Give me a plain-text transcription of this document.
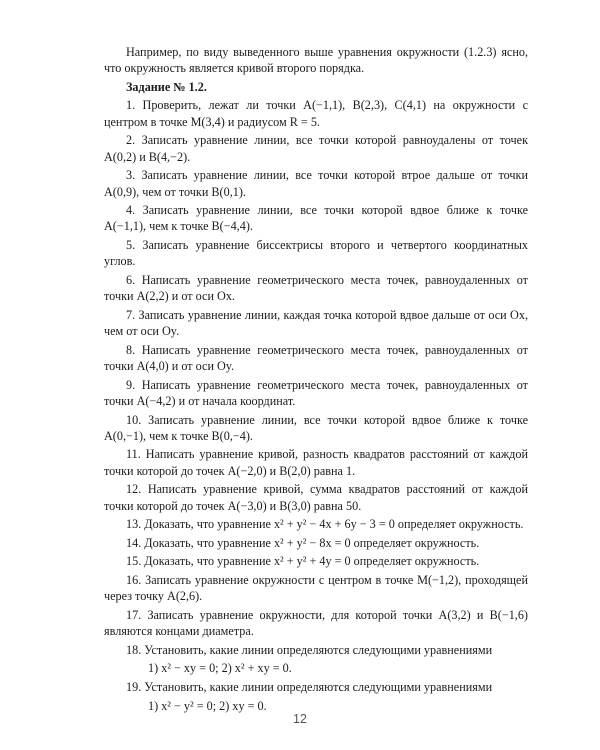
Например, по виду выведенного выше уравнения окружности (1.2.3) ясно, что окружность является кривой второго порядка.

Задание № 1.2.

1. Проверить, лежат ли точки A(−1,1), B(2,3), C(4,1) на окружности с центром в точке M(3,4) и радиусом R = 5.

2. Записать уравнение линии, все точки которой равноудалены от точек A(0,2) и B(4,−2).

3. Записать уравнение линии, все точки которой втрое дальше от точки A(0,9), чем от точки B(0,1).

4. Записать уравнение линии, все точки которой вдвое ближе к точке A(−1,1), чем к точке B(−4,4).

5. Записать уравнение биссектрисы второго и четвертого координатных углов.

6. Написать уравнение геометрического места точек, равноудаленных от точки A(2,2) и от оси Ox.

7. Записать уравнение линии, каждая точка которой вдвое дальше от оси Ox, чем от оси Oy.

8. Написать уравнение геометрического места точек, равноудаленных от точки A(4,0) и от оси Oy.

9. Написать уравнение геометрического места точек, равноудаленных от точки A(−4,2) и от начала координат.

10. Записать уравнение линии, все точки которой вдвое ближе к точке A(0,−1), чем к точке B(0,−4).

11. Написать уравнение кривой, разность квадратов расстояний от каждой точки которой до точек A(−2,0) и B(2,0) равна 1.

12. Написать уравнение кривой, сумма квадратов расстояний от каждой точки которой до точек A(−3,0) и B(3,0) равна 50.

13. Доказать, что уравнение x² + y² − 4x + 6y − 3 = 0 определяет окружность.

14. Доказать, что уравнение x² + y² − 8x = 0 определяет окружность.

15. Доказать, что уравнение x² + y² + 4y = 0 определяет окружность.

16. Записать уравнение окружности с центром в точке M(−1,2), проходящей через точку A(2,6).

17. Записать уравнение окружности, для которой точки A(3,2) и B(−1,6) являются концами диаметра.

18. Установить, какие линии определяются следующими уравнениями

1) x² − xy = 0; 2) x² + xy = 0.

19. Установить, какие линии определяются следующими уравнениями

1) x² − y² = 0; 2) xy = 0.

12
